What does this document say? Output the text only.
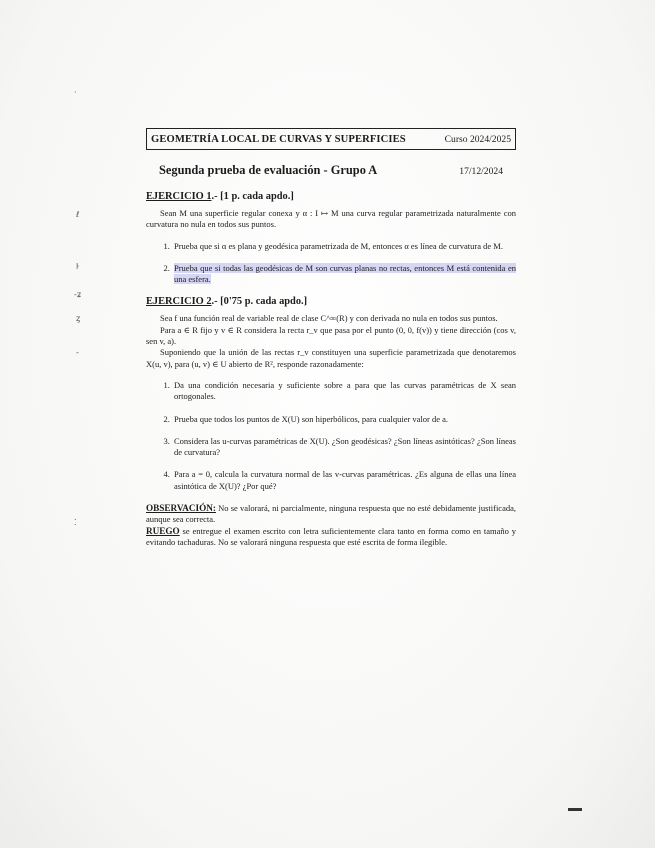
·
ℓ
ŀ
-ʑ
ȥ
-
⁚
GEOMETRÍA LOCAL DE CURVAS Y SUPERFICIES	Curso 2024/2025
Segunda prueba de evaluación - Grupo A	17/12/2024
EJERCICIO 1.- [1 p. cada apdo.]

Sean M una superficie regular conexa y α : I ↦ M una curva regular parametrizada naturalmente con curvatura no nula en todos sus puntos.

1. Prueba que si α es plana y geodésica parametrizada de M, entonces α es línea de curvatura de M.
2. Prueba que si todas las geodésicas de M son curvas planas no rectas, entonces M está contenida en una esfera.
EJERCICIO 2.- [0'75 p. cada apdo.]

Sea f una función real de variable real de clase C^∞(R) y con derivada no nula en todos sus puntos.

Para a ∈ R fijo y v ∈ R considera la recta r_v que pasa por el punto (0, 0, f(v)) y tiene dirección (cos v, sen v, a).

Suponiendo que la unión de las rectas r_v constituyen una superficie parametrizada que denotaremos X(u, v), para (u, v) ∈ U abierto de R², responde razonadamente:

1. Da una condición necesaria y suficiente sobre a para que las curvas paramétricas de X sean ortogonales.
2. Prueba que todos los puntos de X(U) son hiperbólicos, para cualquier valor de a.
3. Considera las u-curvas paramétricas de X(U). ¿Son geodésicas? ¿Son líneas asintóticas? ¿Son líneas de curvatura?
4. Para a = 0, calcula la curvatura normal de las v-curvas paramétricas. ¿Es alguna de ellas una línea asintótica de X(U)? ¿Por qué?

OBSERVACIÓN: No se valorará, ni parcialmente, ninguna respuesta que no esté debidamente justificada, aunque sea correcta.

RUEGO se entregue el examen escrito con letra suficientemente clara tanto en forma como en tamaño y evitando tachaduras. No se valorará ninguna respuesta que esté escrita de forma ilegible.
